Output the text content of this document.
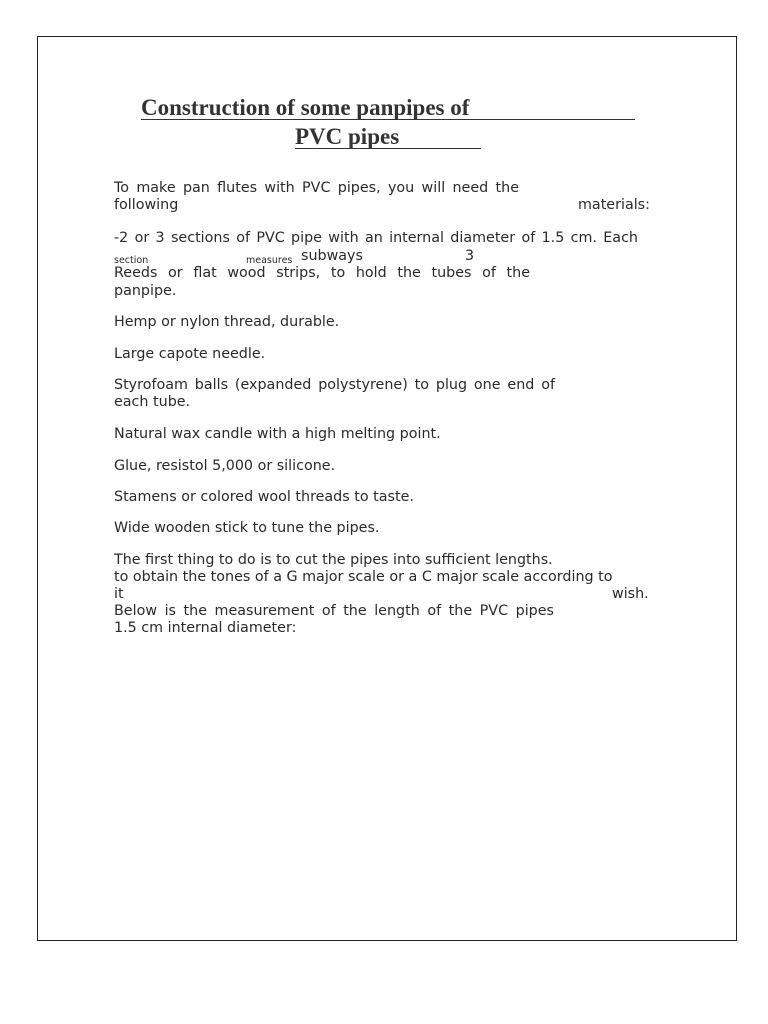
Construction of some panpipes of
PVC pipes
To make pan flutes with PVC pipes, you will need the
following	materials:
-2 or 3 sections of PVC pipe with an internal diameter of 1.5 cm. Each
section	measures subways	3
Reeds or flat wood strips, to hold the tubes of the
panpipe.
Hemp or nylon thread, durable.
Large capote needle.
Styrofoam balls (expanded polystyrene) to plug one end of
each tube.
Natural wax candle with a high melting point.
Glue, resistol 5,000 or silicone.
Stamens or colored wool threads to taste.
Wide wooden stick to tune the pipes.
The first thing to do is to cut the pipes into sufficient lengths.
to obtain the tones of a G major scale or a C major scale according to
it	wish.
Below is the measurement of the length of the PVC pipes
1.5 cm internal diameter:
